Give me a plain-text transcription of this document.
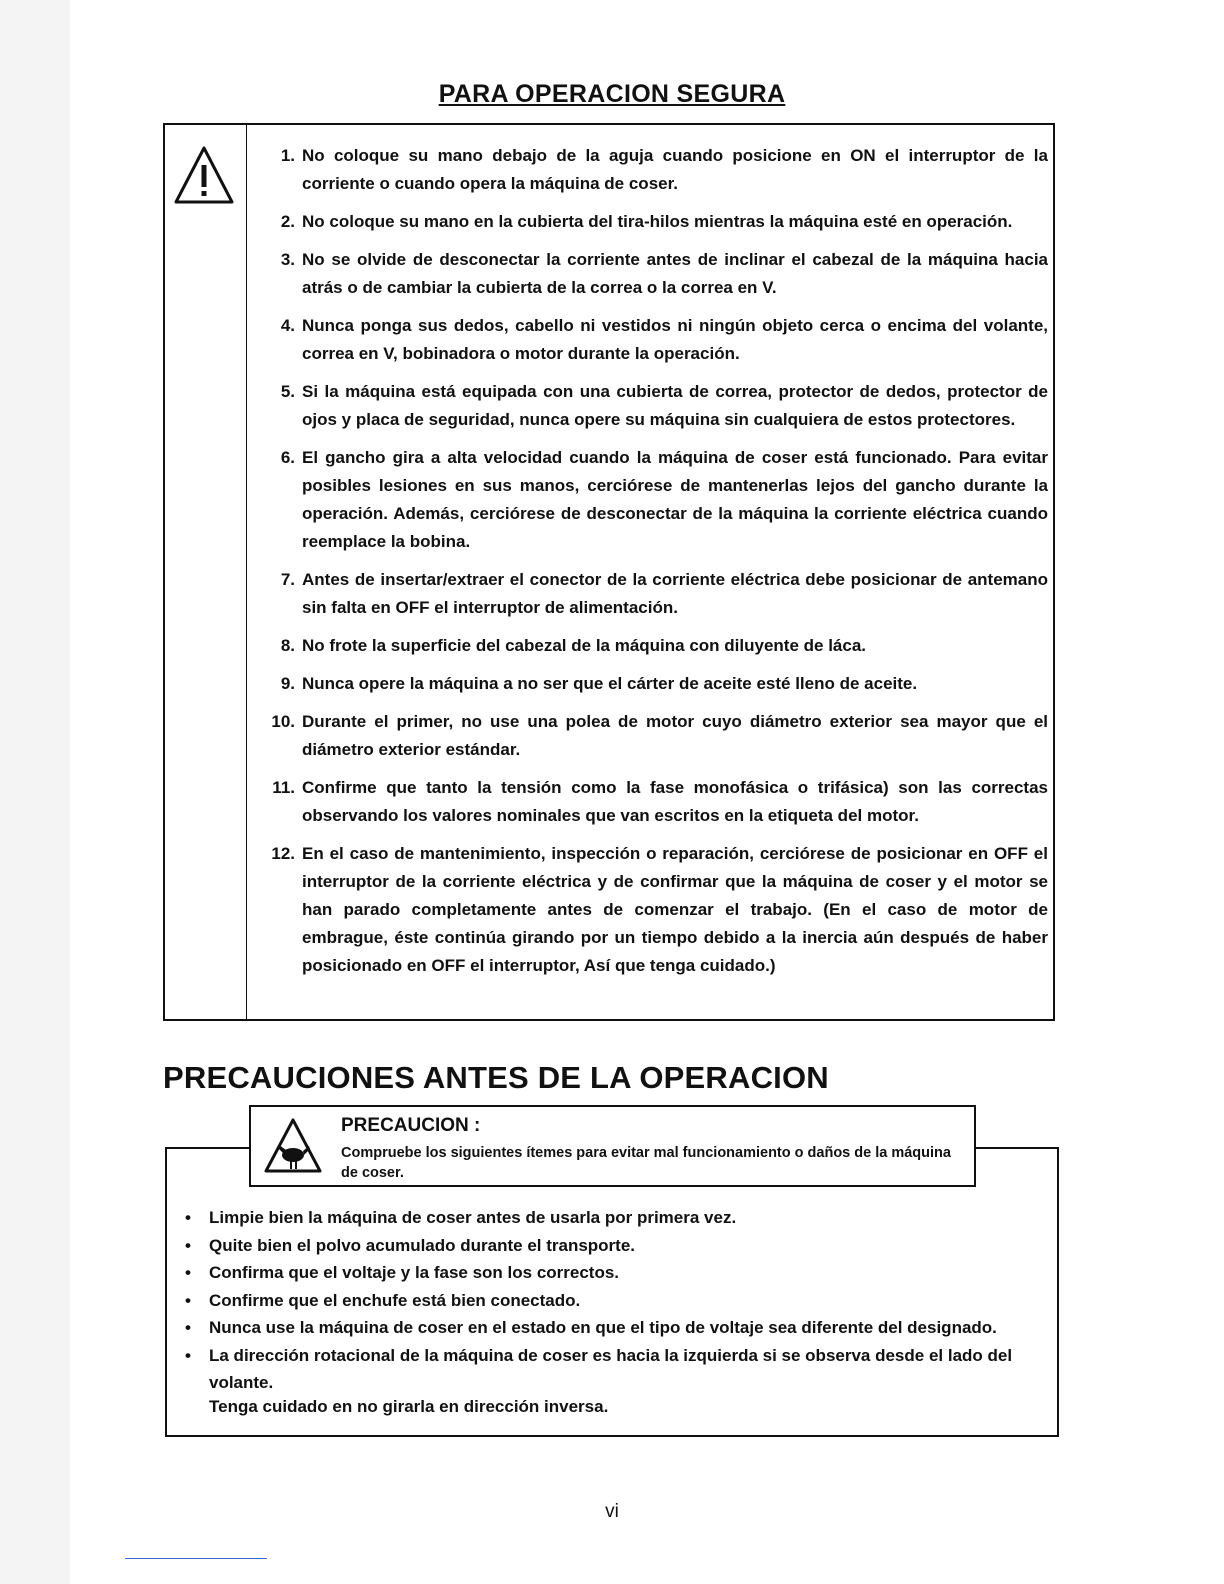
PARA OPERACION SEGURA
1. No coloque su mano debajo de la aguja cuando posicione en ON el interruptor de la corriente o cuando opera la máquina de coser.
2. No coloque su mano en la cubierta del tira-hilos mientras la máquina esté en operación.
3. No se olvide de desconectar la corriente antes de inclinar el cabezal de la máquina hacia atrás o de cambiar la cubierta de la correa o la correa en V.
4. Nunca ponga sus dedos, cabello ni vestidos ni ningún objeto cerca o encima del volante, correa en V, bobinadora o motor durante la operación.
5. Si la máquina está equipada con una cubierta de correa, protector de dedos, protector de ojos y placa de seguridad, nunca opere su máquina sin cualquiera de estos protectores.
6. El gancho gira a alta velocidad cuando la máquina de coser está funcionado. Para evitar posibles lesiones en sus manos, cerciórese de mantenerlas lejos del gancho durante la operación. Además, cerciórese de desconectar de la máquina la corriente eléctrica cuando reemplace la bobina.
7. Antes de insertar/extraer el conector de la corriente eléctrica debe posicionar de antemano sin falta en OFF el interruptor de alimentación.
8. No frote la superficie del cabezal de la máquina con diluyente de láca.
9. Nunca opere la máquina a no ser que el cárter de aceite esté lleno de aceite.
10. Durante el primer, no use una polea de motor cuyo diámetro exterior sea mayor que el diámetro exterior estándar.
11. Confirme que tanto la tensión como la fase monofásica o trifásica) son las correctas observando los valores nominales que van escritos en la etiqueta del motor.
12. En el caso de mantenimiento, inspección o reparación, cerciórese de posicionar en OFF el interruptor de la corriente eléctrica y de confirmar que la máquina de coser y el motor se han parado completamente antes de comenzar el trabajo. (En el caso de motor de embrague, éste continúa girando por un tiempo debido a la inercia aún después de haber posicionado en OFF el interruptor, Así que tenga cuidado.)
PRECAUCIONES ANTES DE LA OPERACION
PRECAUCION :
Compruebe los siguientes ítemes para evitar mal funcionamiento o daños de la máquina de coser.
•	Limpie bien la máquina de coser antes de usarla por primera vez.
•	Quite bien el polvo acumulado durante el transporte.
•	Confirma que el voltaje y la fase son los correctos.
•	Confirme que el enchufe está bien conectado.
•	Nunca use la máquina de coser en el estado en que el tipo de voltaje sea diferente del designado.
•	La dirección rotacional de la máquina de coser es hacia la izquierda si se observa desde el lado del volante.
Tenga cuidado en no girarla en dirección inversa.
vi
